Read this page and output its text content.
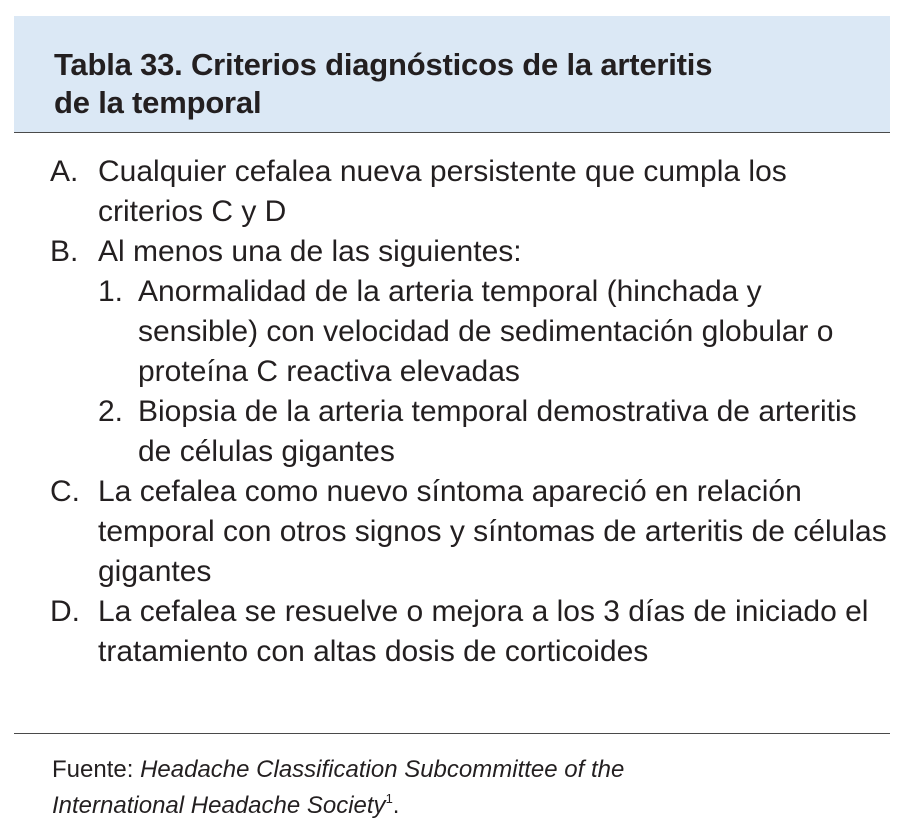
Tabla 33. Criterios diagnósticos de la arteritis
de la temporal
A. Cualquier cefalea nueva persistente que cumpla los criterios C y D
B. Al menos una de las siguientes:
1. Anormalidad de la arteria temporal (hinchada y sensible) con velocidad de sedimentación globular o proteína C reactiva elevadas
2. Biopsia de la arteria temporal demostrativa de arteritis de células gigantes
C. La cefalea como nuevo síntoma apareció en relación temporal con otros signos y síntomas de arteritis de células gigantes
D. La cefalea se resuelve o mejora a los 3 días de iniciado el tratamiento con altas dosis de corticoides

Fuente: Headache Classification Subcommittee of the
International Headache Society$^1$.
